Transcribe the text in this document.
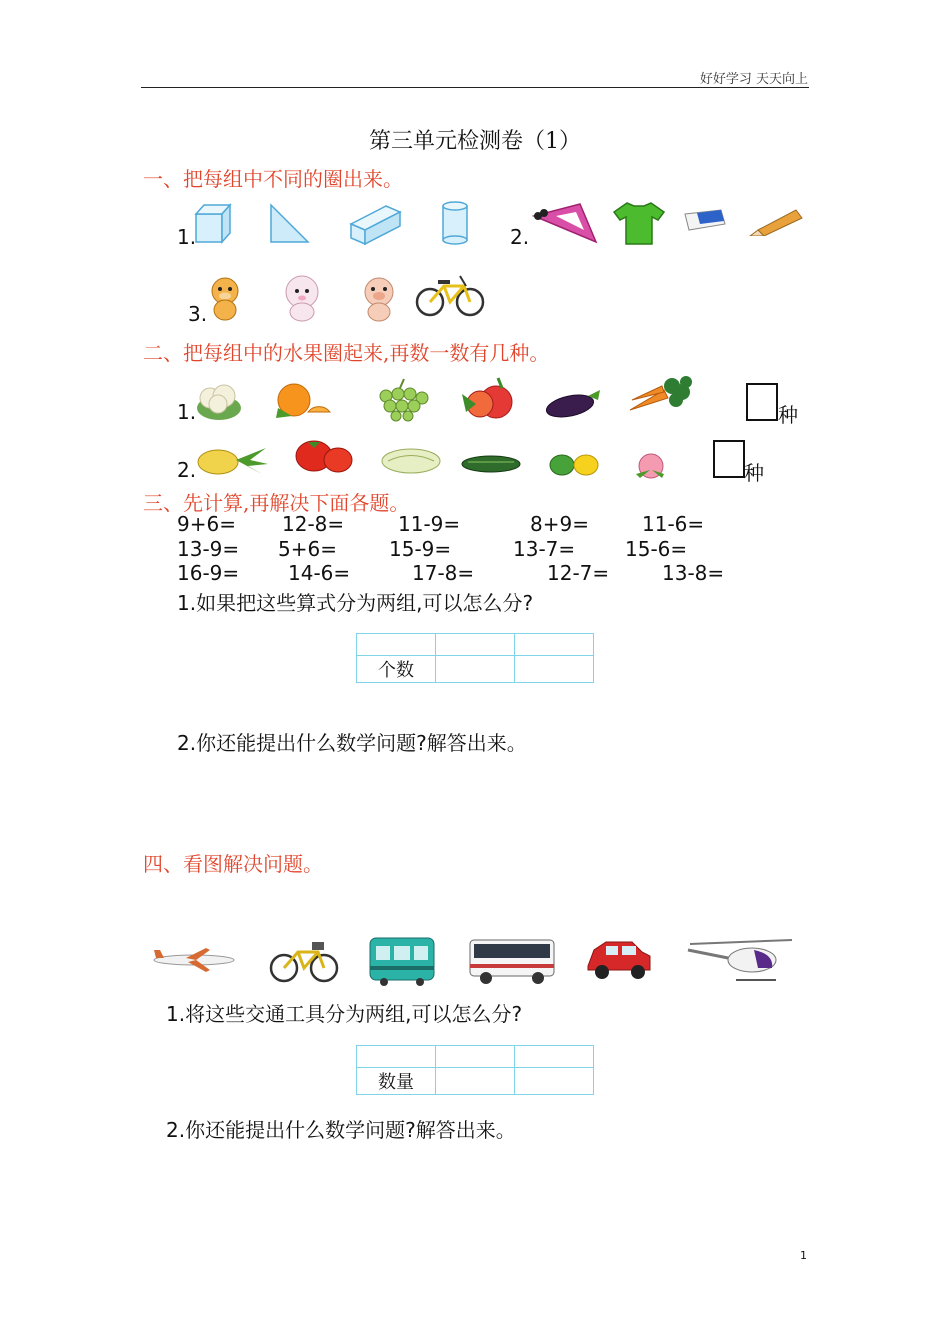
好好学习 天天向上
第三单元检测卷（1）
一、把每组中不同的圈出来。
1.	2.
3.
二、把每组中的水果圈起来,再数一数有几种。
1.
2.
种
种
三、先计算,再解决下面各题。
9+6= 12-8=	11-9=	8+9=	11-6=
13-9= 5+6=	15-9=	13-7= 15-6=
16-9= 14-6=	17-8=	12-7=	13-8=
1.如果把这些算式分为两组,可以怎么分?

个数		
2.你还能提出什么数学问题?解答出来。
四、看图解决问题。
1.将这些交通工具分为两组,可以怎么分?

数量		
2.你还能提出什么数学问题?解答出来。
1
